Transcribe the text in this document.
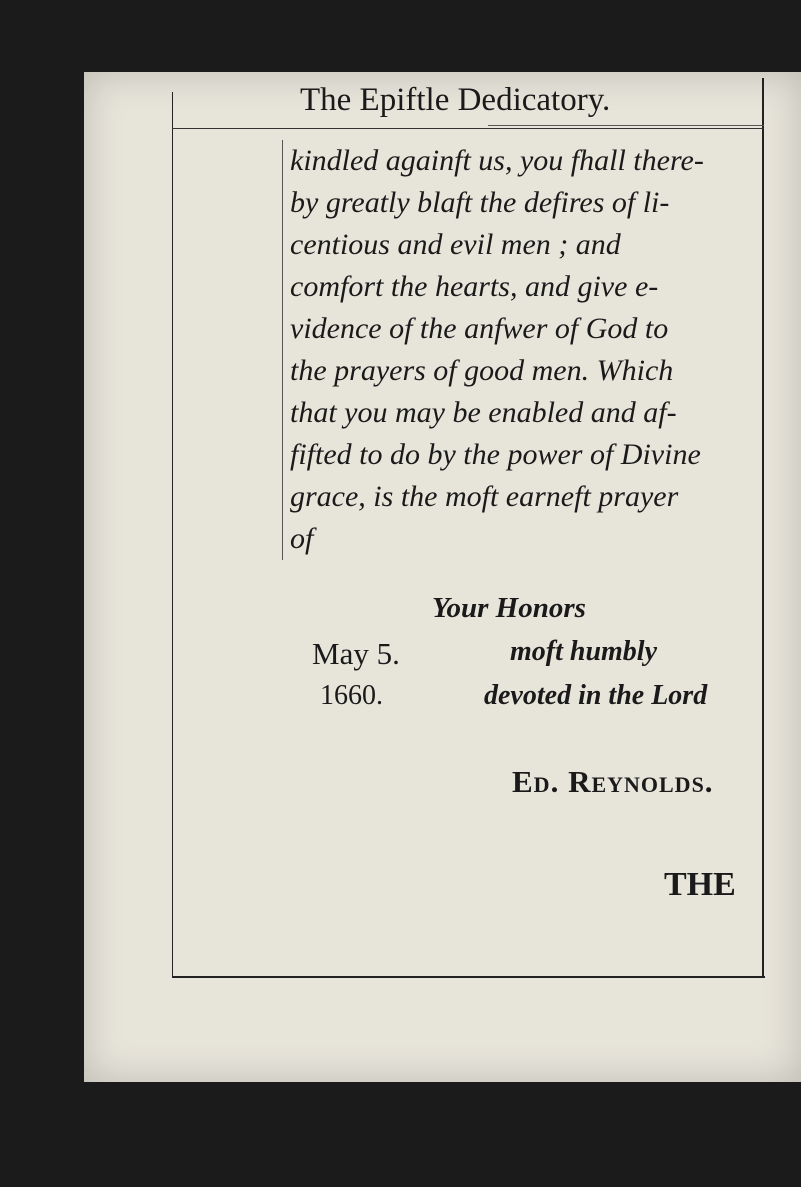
The Epiftle Dedicatory.
kindled againft us, you fhall there-
by greatly blaft the defires of li-
centious and evil men ; and
comfort the hearts, and give e-
vidence of the anfwer of God to
the prayers of good men. Which
that you may be enabled and af-
fifted to do by the power of Divine
grace, is the moft earneft prayer
of
Your Honors
May 5.	moft humbly
1660.	devoted in the Lord
Ed. Reynolds.
THE
